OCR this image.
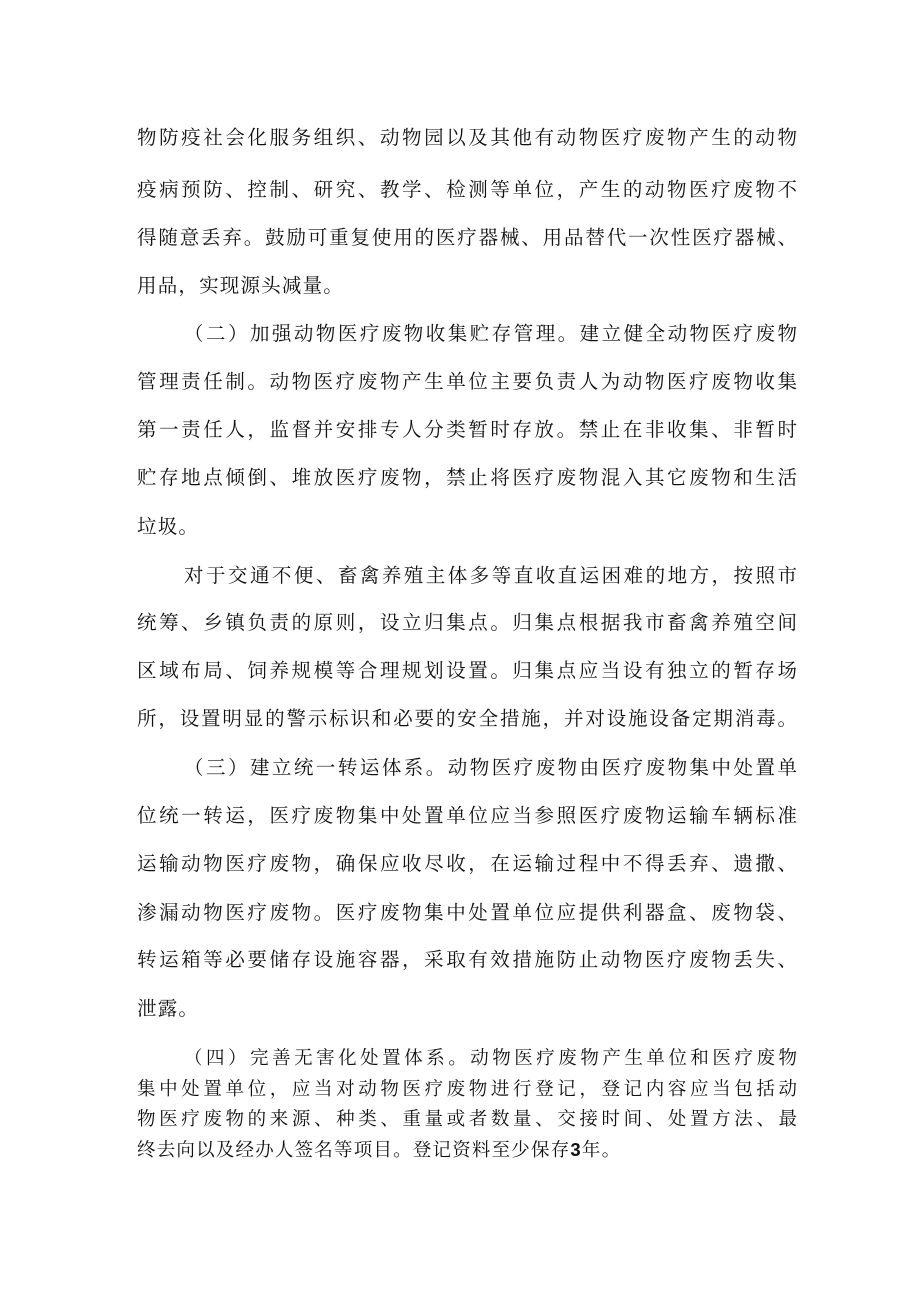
物防疫社会化服务组织、动物园以及其他有动物医疗废物产生的动物
疫病预防、控制、研究、教学、检测等单位，产生的动物医疗废物不
得随意丢弃。鼓励可重复使用的医疗器械、用品替代一次性医疗器械、
用品，实现源头减量。
（二）加强动物医疗废物收集贮存管理。建立健全动物医疗废物
管理责任制。动物医疗废物产生单位主要负责人为动物医疗废物收集
第一责任人，监督并安排专人分类暂时存放。禁止在非收集、非暂时
贮存地点倾倒、堆放医疗废物，禁止将医疗废物混入其它废物和生活
垃圾。
对于交通不便、畜禽养殖主体多等直收直运困难的地方，按照市
统筹、乡镇负责的原则，设立归集点。归集点根据我市畜禽养殖空间
区域布局、饲养规模等合理规划设置。归集点应当设有独立的暂存场
所，设置明显的警示标识和必要的安全措施，并对设施设备定期消毒。
（三）建立统一转运体系。动物医疗废物由医疗废物集中处置单
位统一转运，医疗废物集中处置单位应当参照医疗废物运输车辆标准
运输动物医疗废物，确保应收尽收，在运输过程中不得丢弃、遗撒、
渗漏动物医疗废物。医疗废物集中处置单位应提供利器盒、废物袋、
转运箱等必要储存设施容器，采取有效措施防止动物医疗废物丢失、
泄露。
（四）完善无害化处置体系。动物医疗废物产生单位和医疗废物
集中处置单位，应当对动物医疗废物进行登记，登记内容应当包括动
物医疗废物的来源、种类、重量或者数量、交接时间、处置方法、最
终去向以及经办人签名等项目。登记资料至少保存3年。
